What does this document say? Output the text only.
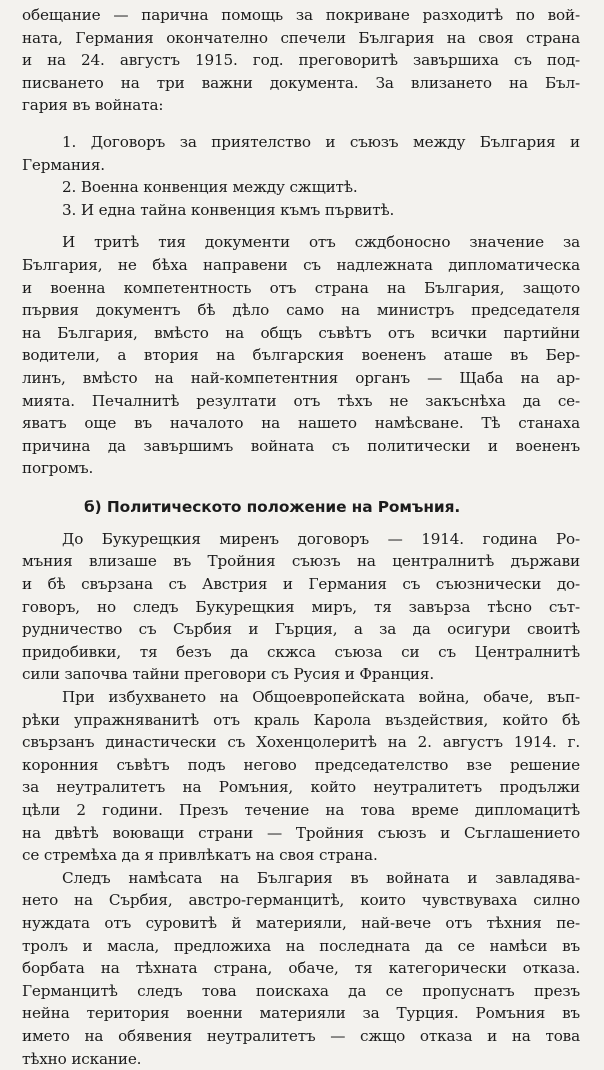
обещание — парична помощь за покриване разходитѣ по вой-
ната, Германия окончателно спечели България на своя страна
и на 24. августъ 1915. год. преговоритѣ завършиха съ под-
писването на три важни документа. За влизането на Бъл-
гария въ войната:
1. Договоръ за приятелство и съюзъ между България и
Германия.
2. Военна конвенция между сжщитѣ.
3. И една тайна конвенция къмъ първитѣ.
И тритѣ тия документи отъ сждбоносно значение за
България, не бѣха направени съ надлежната дипломатическа
и военна компетентность отъ страна на България, защото
първия документъ бѣ дѣло само на министръ председателя
на България, вмѣсто на общъ съвѣтъ отъ всички партийни
водители, а втория на българския воененъ аташе въ Бер-
линъ, вмѣсто на най-компетентния органъ — Щаба на ар-
мията. Печалнитѣ резултати отъ тѣхъ не закъснѣха да се-
яватъ още въ началото на нашето намѣсване. Тѣ станаха
причина да завършимъ войната съ политически и воененъ
погромъ.
б) Политическото положение на Ромъния.
До Букурещкия миренъ договоръ — 1914. година Ро-
мъния влизаше въ Тройния съюзъ на централнитѣ държави
и бѣ свързана съ Австрия и Германия съ съюзнически до-
говоръ, но следъ Букурещкия миръ, тя завърза тѣсно сът-
рудничество съ Сърбия и Гърция, а за да осигури своитѣ
придобивки, тя безъ да скжса съюза си съ Централнитѣ
сили започва тайни преговори съ Русия и Франция.
При избухването на Общоевропейската война, обаче, въп-
рѣки упражняванитѣ отъ краль Карола въздействия, който бѣ
свързанъ династически съ Хохенцолеритѣ на 2. августъ 1914. г.
коронния съвѣтъ подъ негово председателство взе решение
за неутралитетъ на Ромъния, който неутралитетъ продължи
цѣли 2 години. Презъ течение на това време дипломацитѣ
на двѣтѣ воюващи страни — Тройния съюзъ и Съглашението
се стремѣха да я привлѣкатъ на своя страна.
Следъ намѣсата на България въ войната и завладява-
нето на Сърбия, австро-германцитѣ, които чувствуваха силно
нуждата отъ суровитѣ й материяли, най-вече отъ тѣхния пе-
тролъ и масла, предложиха на последната да се намѣси въ
борбата на тѣхната страна, обаче, тя категорически отказа.
Германцитѣ следъ това поискаха да се пропуснатъ презъ
нейна територия военни материяли за Турция. Ромъния въ
името на обявения неутралитетъ — сжщо отказа и на това
тѣхно искание.
